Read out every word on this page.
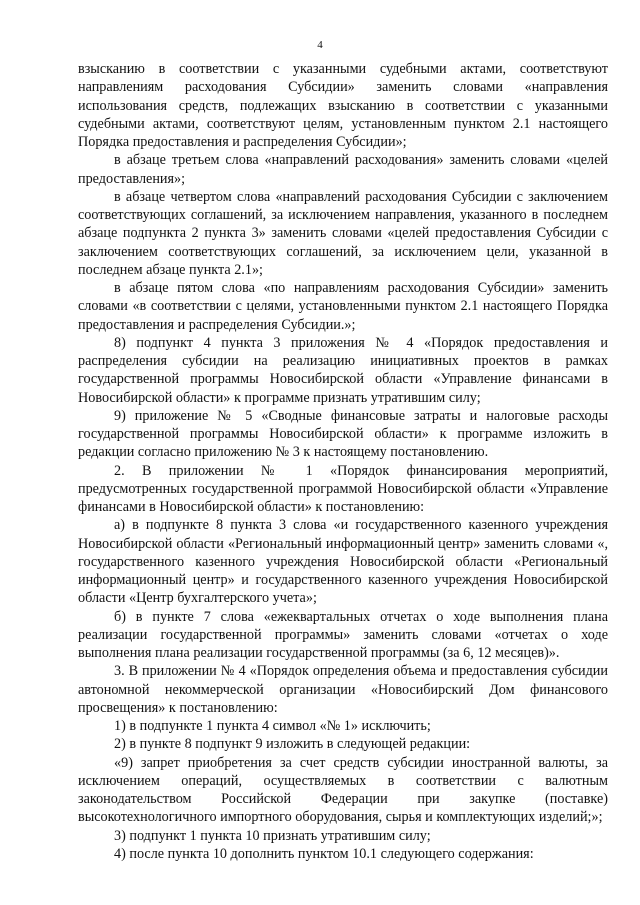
4

взысканию в соответствии с указанными судебными актами, соответствуют направлениям расходования Субсидии» заменить словами «направления использования средств, подлежащих взысканию в соответствии с указанными судебными актами, соответствуют целям, установленным пунктом 2.1 настоящего Порядка предоставления и распределения Субсидии»;

в абзаце третьем слова «направлений расходования» заменить словами «целей предоставления»;

в абзаце четвертом слова «направлений расходования Субсидии с заключением соответствующих соглашений, за исключением направления, указанного в последнем абзаце подпункта 2 пункта 3» заменить словами «целей предоставления Субсидии с заключением соответствующих соглашений, за исключением цели, указанной в последнем абзаце пункта 2.1»;

в абзаце пятом слова «по направлениям расходования Субсидии» заменить словами «в соответствии с целями, установленными пунктом 2.1 настоящего Порядка предоставления и распределения Субсидии.»;

8) подпункт 4 пункта 3 приложения № 4 «Порядок предоставления и распределения субсидии на реализацию инициативных проектов в рамках государственной программы Новосибирской области «Управление финансами в Новосибирской области» к программе признать утратившим силу;

9) приложение № 5 «Сводные финансовые затраты и налоговые расходы государственной программы Новосибирской области» к программе изложить в редакции согласно приложению № 3 к настоящему постановлению.

2. В приложении № 1 «Порядок финансирования мероприятий, предусмотренных государственной программой Новосибирской области «Управление финансами в Новосибирской области» к постановлению:

а) в подпункте 8 пункта 3 слова «и государственного казенного учреждения Новосибирской области «Региональный информационный центр» заменить словами «, государственного казенного учреждения Новосибирской области «Региональный информационный центр» и государственного казенного учреждения Новосибирской области «Центр бухгалтерского учета»;

б) в пункте 7 слова «ежеквартальных отчетах о ходе выполнения плана реализации государственной программы» заменить словами «отчетах о ходе выполнения плана реализации государственной программы (за 6, 12 месяцев)».

3. В приложении № 4 «Порядок определения объема и предоставления субсидии автономной некоммерческой организации «Новосибирский Дом финансового просвещения» к постановлению:

1) в подпункте 1 пункта 4 символ «№ 1» исключить;

2) в пункте 8 подпункт 9 изложить в следующей редакции:

«9) запрет приобретения за счет средств субсидии иностранной валюты, за исключением операций, осуществляемых в соответствии с валютным законодательством Российской Федерации при закупке (поставке) высокотехнологичного импортного оборудования, сырья и комплектующих изделий;»;

3) подпункт 1 пункта 10 признать утратившим силу;

4) после пункта 10 дополнить пунктом 10.1 следующего содержания:
